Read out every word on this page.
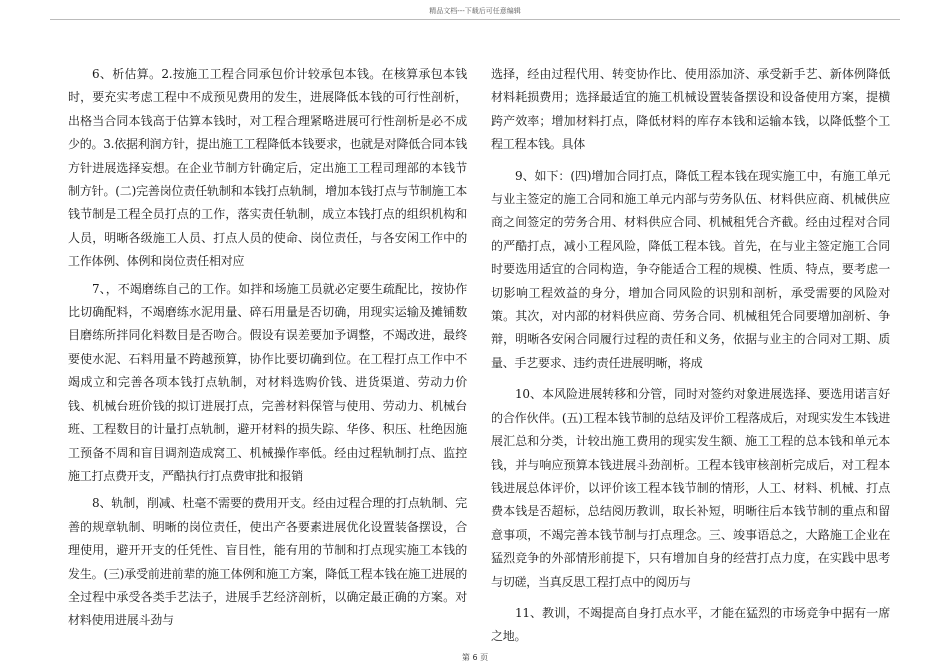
精品文档---下载后可任意编辑

6、析估算。2.按施工工程合同承包价计较承包本钱。在核算承包本钱时，要充实考虑工程中不成预见费用的发生，进展降低本钱的可行性剖析，出格当合同本钱高于估算本钱时，对工程合理紧略进展可行性剖析是必不成少的。3.依据利润方针，提出施工工程降低本钱要求，也就是对降低合同本钱方针进展选择妄想。在企业节制方针确定后，定出施工工程司理部的本钱节制方针。(二)完善岗位责任轨制和本钱打点轨制，增加本钱打点与节制施工本钱节制是工程全员打点的工作，落实责任轨制，成立本钱打点的组织机构和人员，明晰各级施工人员、打点人员的使命、岗位责任，与各安闲工作中的工作体例、体例和岗位责任相对应

7、，不竭磨练自己的工作。如拌和场施工员就必定要生疏配比，按协作比切确配料，不竭磨练水泥用量、碎石用量是否切确，用现实运输及摊铺数目磨练所拌同化料数目是否吻合。假设有误差要加予调整，不竭改进，最终要使水泥、石料用量不跨越预算，协作比要切确到位。在工程打点工作中不竭成立和完善各项本钱打点轨制，对材料选购价钱、进货渠道、劳动力价钱、机械台班价钱的拟订进展打点，完善材料保管与使用、劳动力、机械台班、工程数目的计量打点轨制，避开材料的损失踪、华侈、积压、杜绝因施工预备不周和盲目调剂造成窝工、机械操作率低。经由过程轨制打点、监控施工打点费开支，严酷执行打点费审批和报销

8、轨制，削减、杜毫不需要的费用开支。经由过程合理的打点轨制、完善的规章轨制、明晰的岗位责任，使出产各要素进展优化设置装备摆设，合理使用，避开开支的任凭性、盲目性，能有用的节制和打点现实施工本钱的发生。(三)承受前进前辈的施工体例和施工方案，降低工程本钱在施工进展的全过程中承受各类手艺法子，进展手艺经济剖析，以确定最正确的方案。对材料使用进展斗劲与

选择，经由过程代用、转变协作比、使用添加济、承受新手艺、新体例降低材料耗损费用；选择最适宜的施工机械设置装备摆设和设备使用方案，提横跨产效率；增加材料打点，降低材料的库存本钱和运输本钱，以降低整个工程工程本钱。具体

9、如下：(四)增加合同打点，降低工程本钱在现实施工中，有施工单元与业主签定的施工合同和施工单元内部与劳务队伍、材料供应商、机械供应商之间签定的劳务合用、材料供应合同、机械租凭合齐截。经由过程对合同的严酷打点，减小工程风险，降低工程本钱。首先，在与业主签定施工合同时要选用适宜的合同构造，争夺能适合工程的规模、性质、特点，要考虑一切影响工程效益的身分，增加合同风险的识别和剖析，承受需要的风险对策。其次，对内部的材料供应商、劳务合同、机械租凭合同要增加剖析、争辩，明晰各安闲合同履行过程的责任和义务，依据与业主的合同对工期、质量、手艺要求、违约责任进展明晰，将成

10、本风险进展转移和分管，同时对签约对象进展选择、要选用诺言好的合作伙伴。(五)工程本钱节制的总结及评价工程落成后，对现实发生本钱进展汇总和分类，计较出施工费用的现实发生额、施工工程的总本钱和单元本钱，并与响应预算本钱进展斗劲剖析。工程本钱审核剖析完成后，对工程本钱进展总体评价，以评价该工程本钱节制的情形，人工、材料、机械、打点费本钱是否超标，总结阅历教训，取长补短，明晰往后本钱节制的重点和留意事项，不竭完善本钱节制与打点理念。三、竣事语总之，大路施工企业在猛烈竞争的外部情形前提下，只有增加自身的经营打点力度，在实践中思考与切磋，当真反思工程打点中的阅历与

11、教训，不竭提高自身打点水平，才能在猛烈的市场竞争中据有一席之地。

第 6 页
